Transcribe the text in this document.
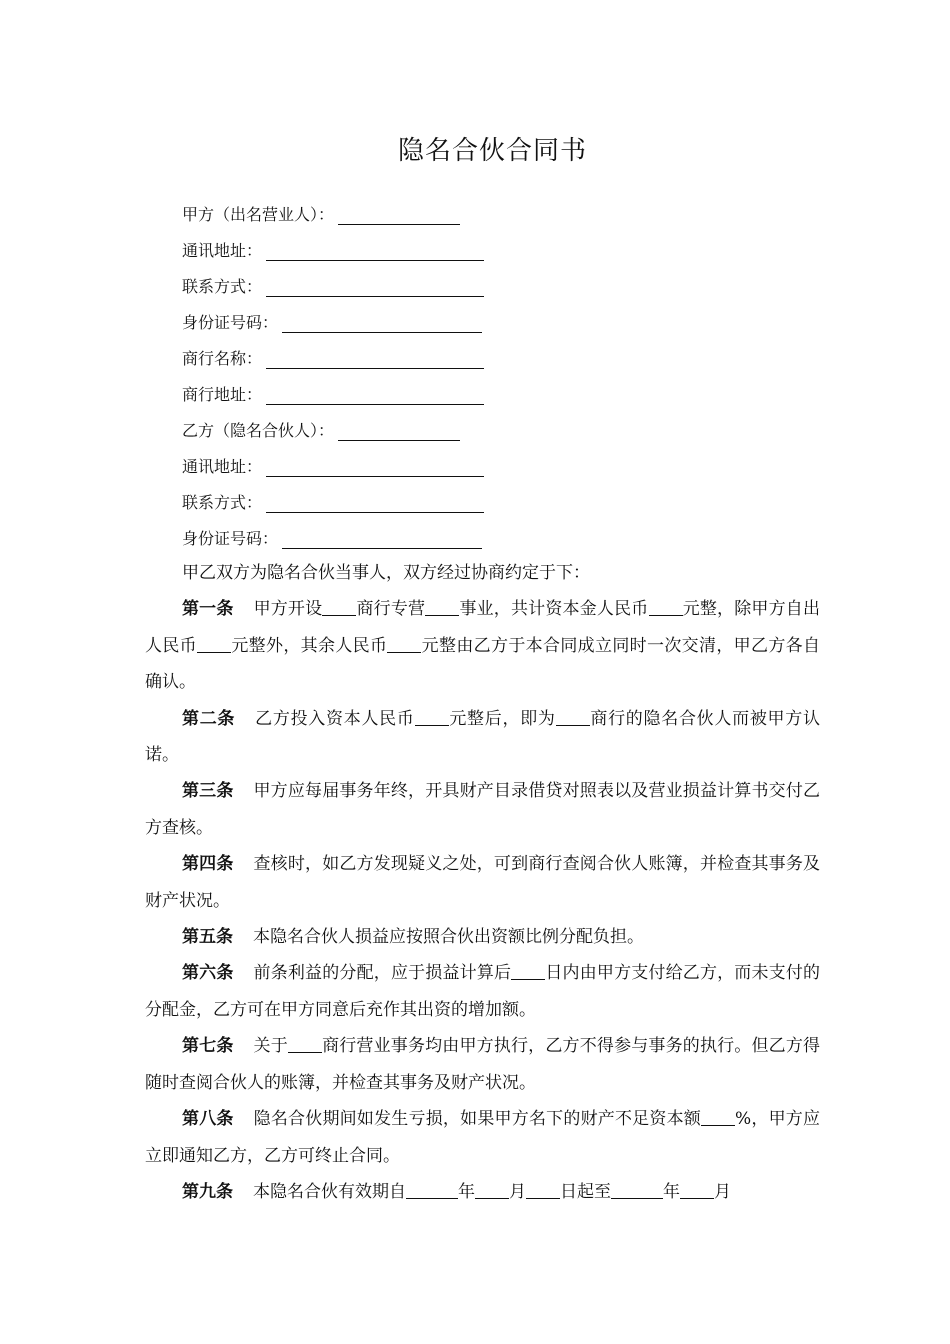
隐名合伙合同书
甲方（出名营业人）：
通讯地址：
联系方式：
身份证号码：
商行名称：
商行地址：
乙方（隐名合伙人）：
通讯地址：
联系方式：
身份证号码：

甲乙双方为隐名合伙当事人，双方经过协商约定于下：

第一条 甲方开设 商行专营 事业，共计资本金人民币 元整，除甲方自出人民币 元整外，其余人民币 元整由乙方于本合同成立同时一次交清，甲乙方各自确认。

第二条 乙方投入资本人民币 元整后，即为 商行的隐名合伙人而被甲方认诺。

第三条 甲方应每届事务年终，开具财产目录借贷对照表以及营业损益计算书交付乙方查核。

第四条 查核时，如乙方发现疑义之处，可到商行查阅合伙人账簿，并检查其事务及财产状况。

第五条 本隐名合伙人损益应按照合伙出资额比例分配负担。

第六条 前条利益的分配，应于损益计算后 日内由甲方支付给乙方，而未支付的分配金，乙方可在甲方同意后充作其出资的增加额。

第七条 关于 商行营业事务均由甲方执行，乙方不得参与事务的执行。但乙方得随时查阅合伙人的账簿，并检查其事务及财产状况。

第八条 隐名合伙期间如发生亏损，如果甲方名下的财产不足资本额 %，甲方应立即通知乙方，乙方可终止合同。

第九条 本隐名合伙有效期自	年 月 日起至	年 月
